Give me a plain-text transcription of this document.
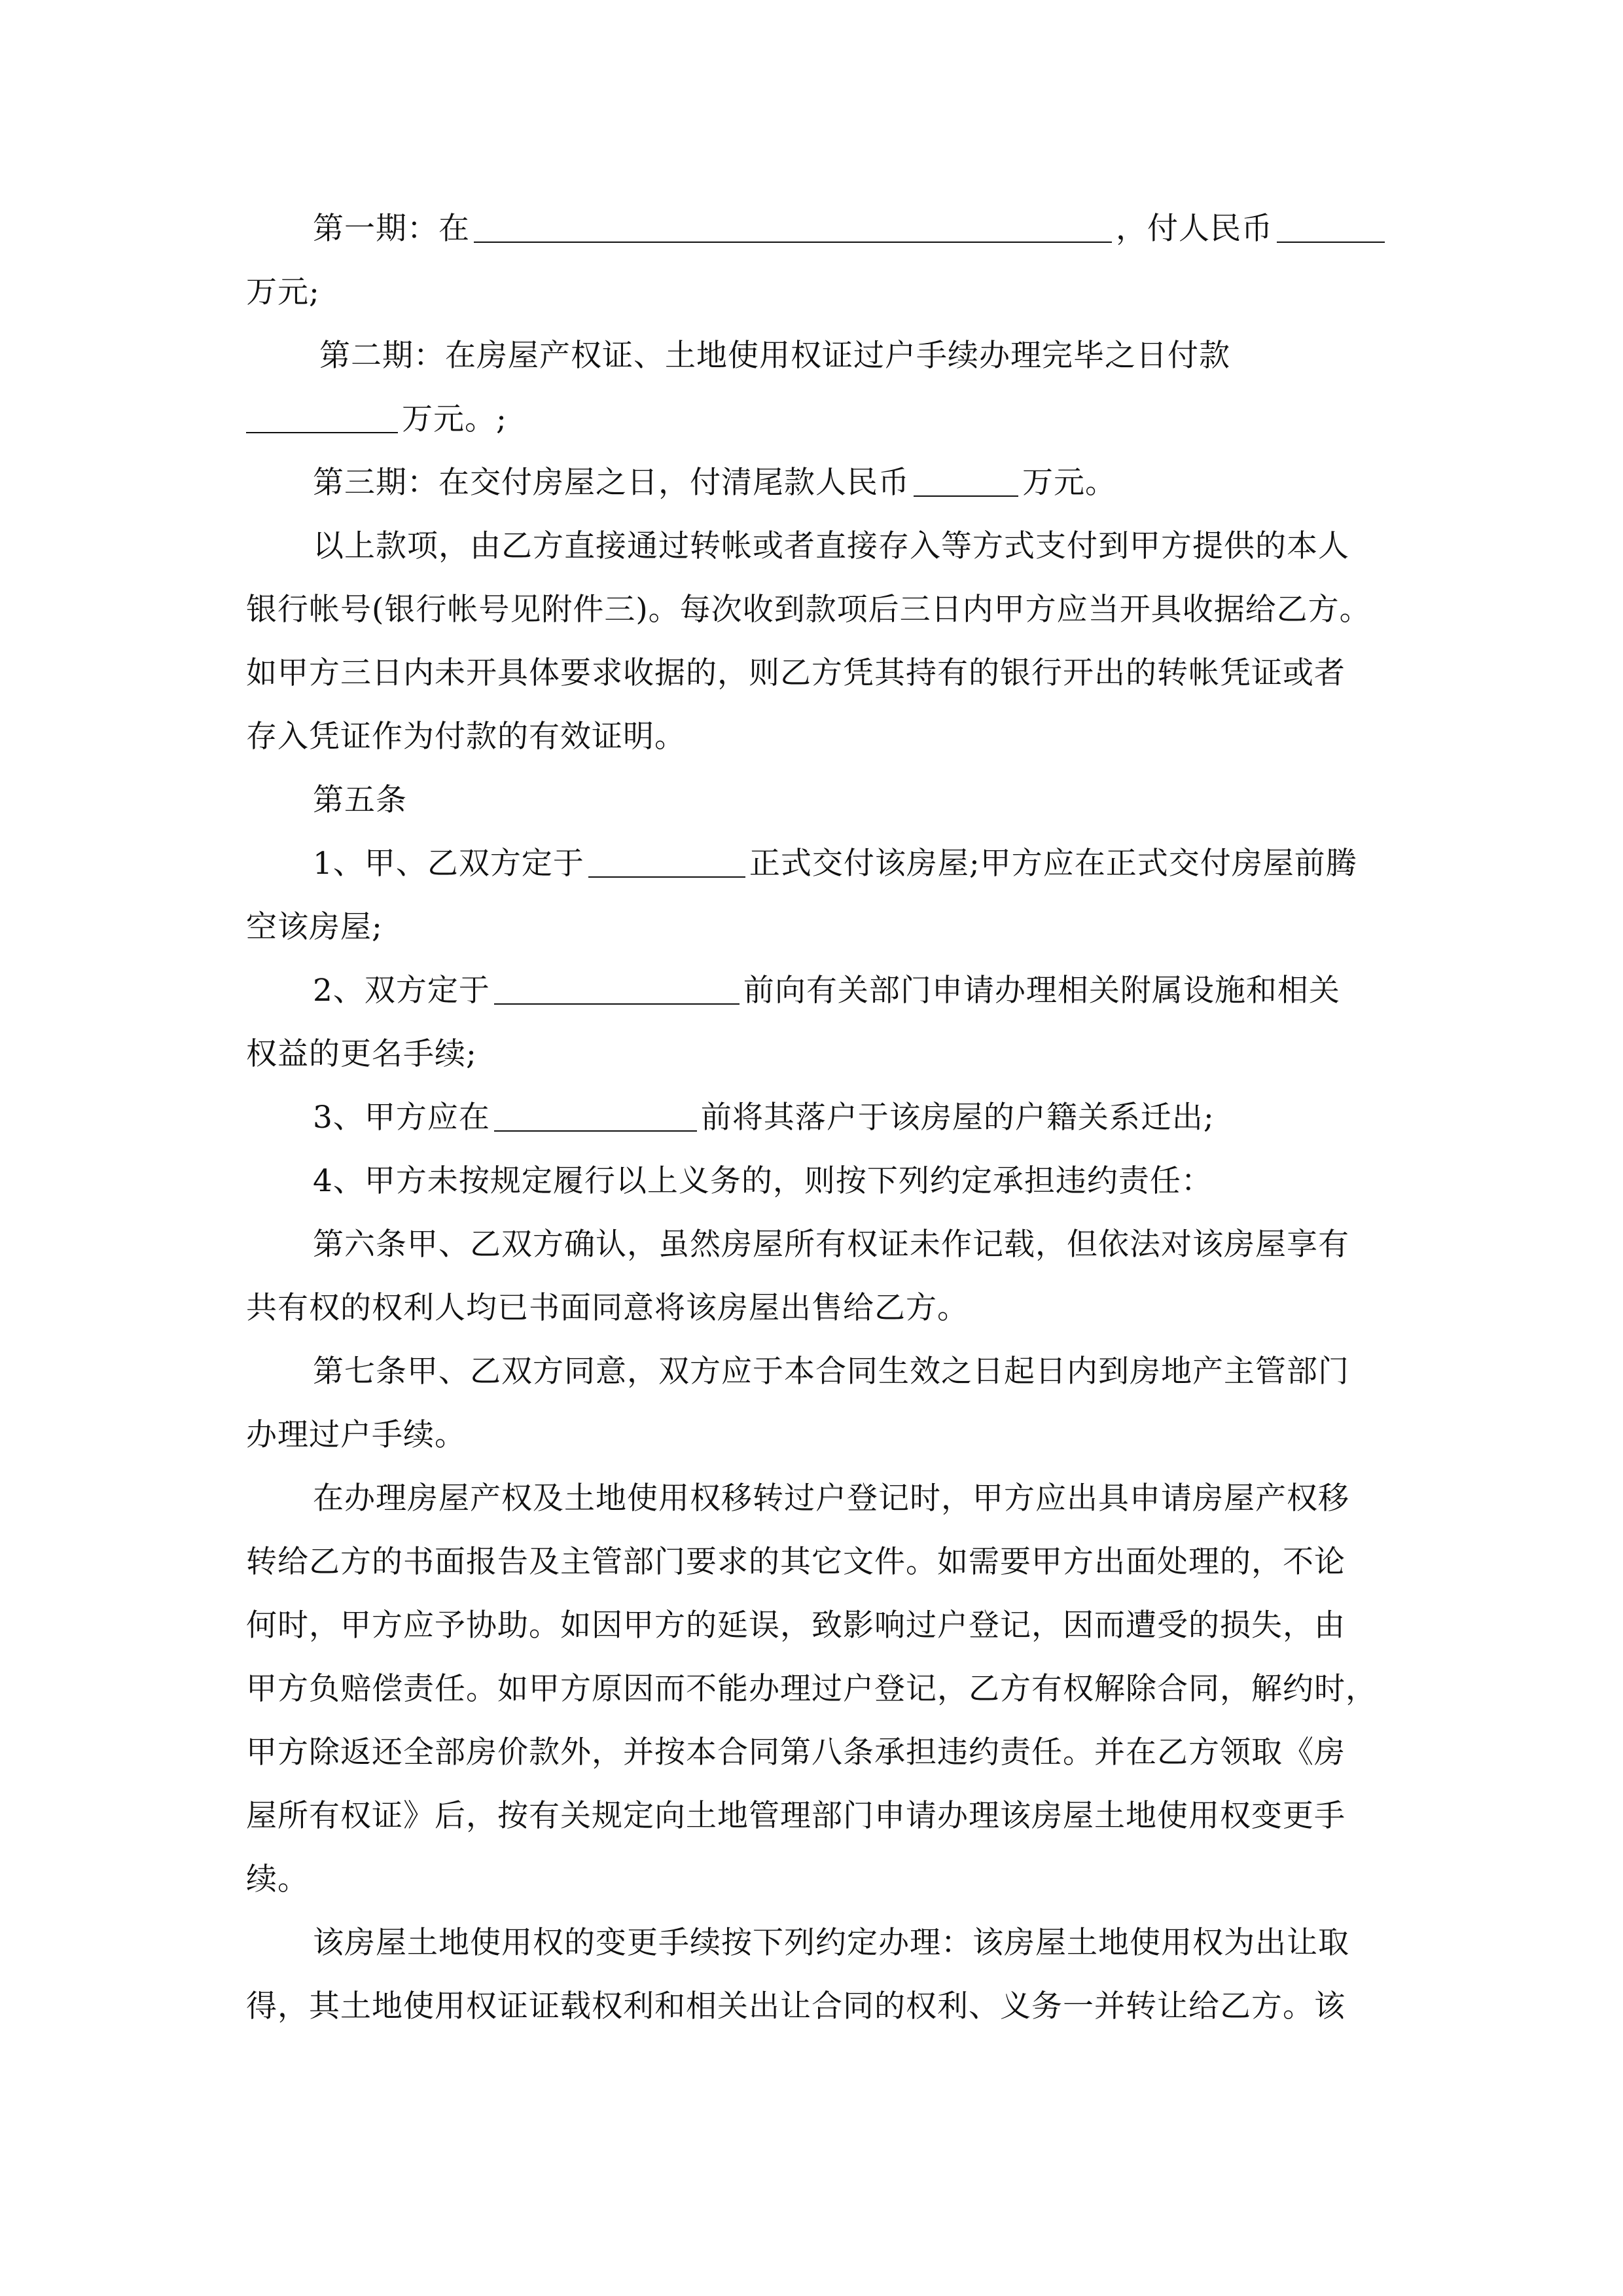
第一期：在	，付人民币
万元;
第二期：在房屋产权证、土地使用权证过户手续办理完毕之日付款
万元。;
第三期：在交付房屋之日，付清尾款人民币	万元。
以上款项，由乙方直接通过转帐或者直接存入等方式支付到甲方提供的本人
银行帐号(银行帐号见附件三)。每次收到款项后三日内甲方应当开具收据给乙方。
如甲方三日内未开具体要求收据的，则乙方凭其持有的银行开出的转帐凭证或者
存入凭证作为付款的有效证明。
第五条
1、甲、乙双方定于	正式交付该房屋;甲方应在正式交付房屋前腾
空该房屋;
2、双方定于	前向有关部门申请办理相关附属设施和相关
权益的更名手续;
3、甲方应在	前将其落户于该房屋的户籍关系迁出;
4、甲方未按规定履行以上义务的，则按下列约定承担违约责任：
第六条甲、乙双方确认，虽然房屋所有权证未作记载，但依法对该房屋享有
共有权的权利人均已书面同意将该房屋出售给乙方。
第七条甲、乙双方同意，双方应于本合同生效之日起日内到房地产主管部门
办理过户手续。
在办理房屋产权及土地使用权移转过户登记时，甲方应出具申请房屋产权移
转给乙方的书面报告及主管部门要求的其它文件。如需要甲方出面处理的，不论
何时，甲方应予协助。如因甲方的延误，致影响过户登记，因而遭受的损失，由
甲方负赔偿责任。如甲方原因而不能办理过户登记，乙方有权解除合同，解约时，
甲方除返还全部房价款外，并按本合同第八条承担违约责任。并在乙方领取《房
屋所有权证》后，按有关规定向土地管理部门申请办理该房屋土地使用权变更手
续。
该房屋土地使用权的变更手续按下列约定办理：该房屋土地使用权为出让取
得，其土地使用权证证载权利和相关出让合同的权利、义务一并转让给乙方。该
